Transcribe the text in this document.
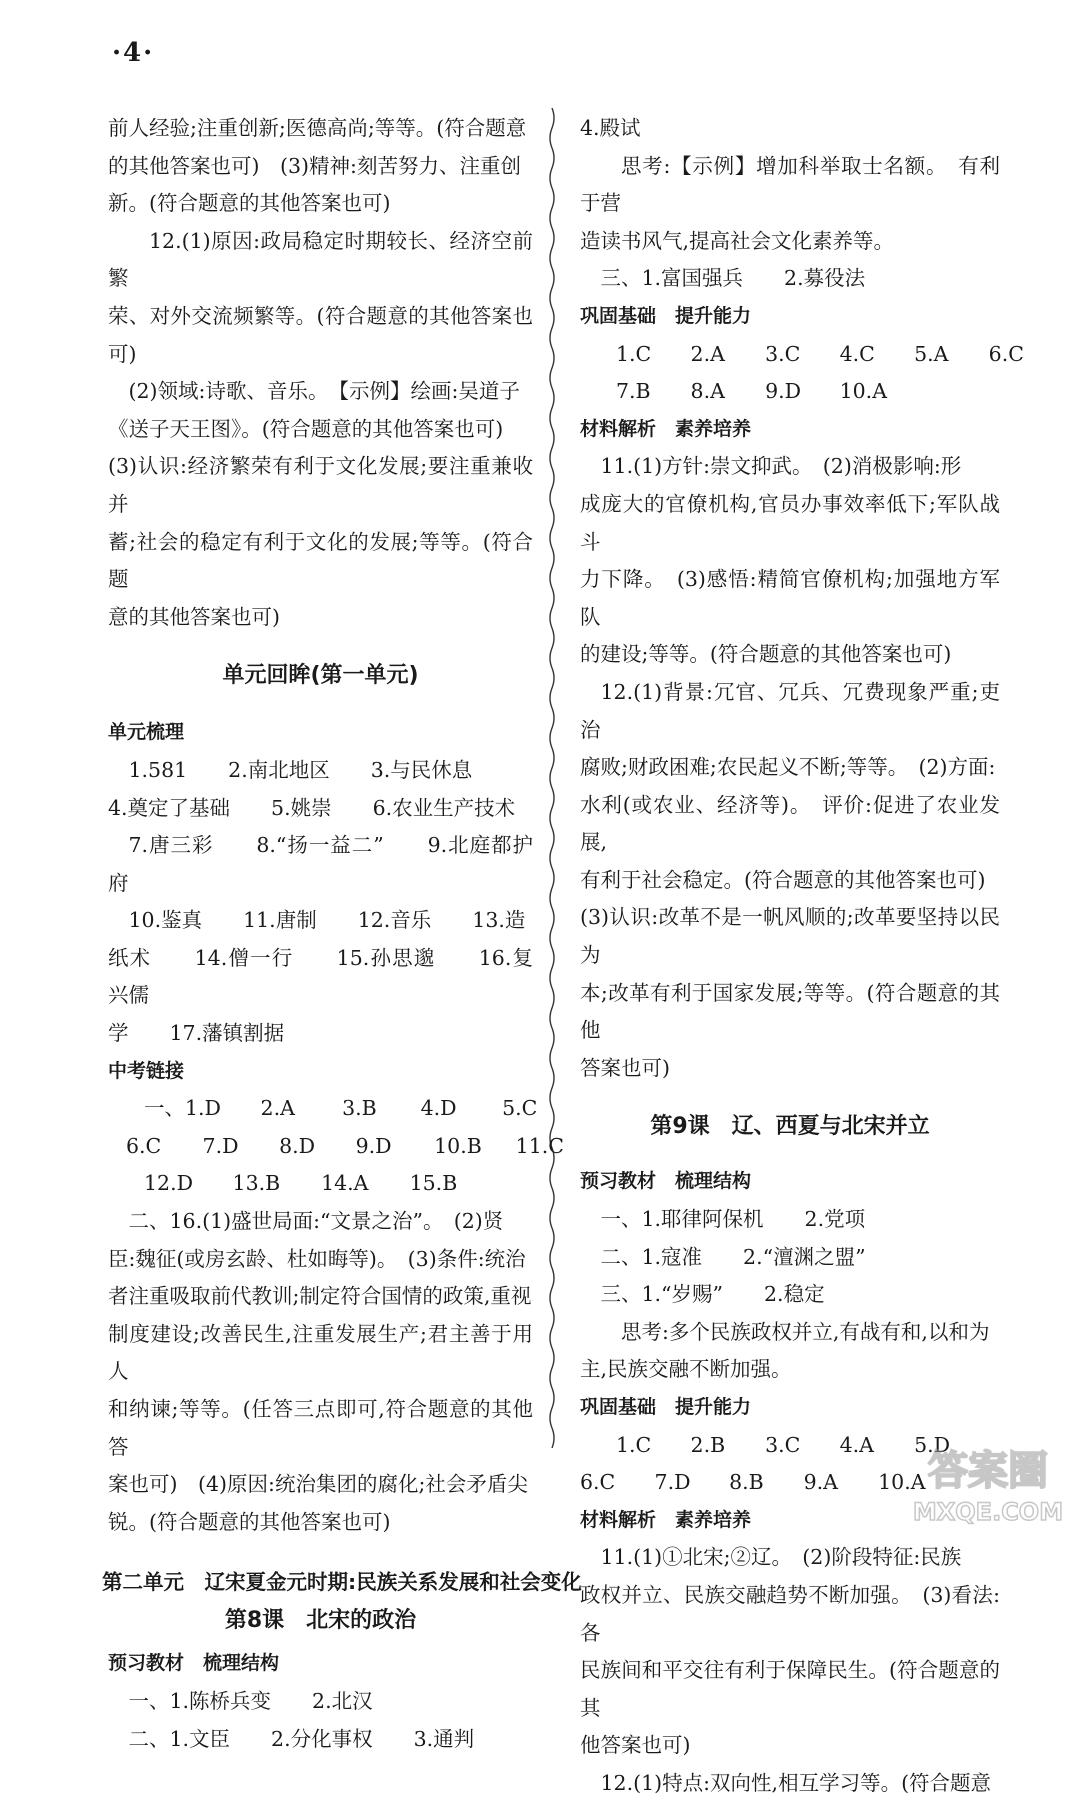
·4·

前人经验;注重创新;医德高尚;等等。(符合题意

的其他答案也可)　(3)精神:刻苦努力、注重创

新。(符合题意的其他答案也可)

12.(1)原因:政局稳定时期较长、经济空前繁

荣、对外交流频繁等。(符合题意的其他答案也可)

(2)领域:诗歌、音乐。　【示例】绘画:吴道子

《送子天王图》。(符合题意的其他答案也可)

(3)认识:经济繁荣有利于文化发展;要注重兼收并

蓄;社会的稳定有利于文化的发展;等等。(符合题

意的其他答案也可)

单元回眸(第一单元)

单元梳理

1.581　　2.南北地区　　3.与民休息

4.奠定了基础　　5.姚崇　　6.农业生产技术

7.唐三彩　　8.“扬一益二”　　9.北庭都护府

10.鉴真　　11.唐制　　12.音乐　　13.造

纸术　　14.僧一行　　15.孙思邈　　16.复兴儒

学　　17.藩镇割据

中考链接

一、1.D 2.A 3.B 4.D 5.C
6.C 7.D 8.D 9.D 10.B 11.C
12.D 13.B 14.A 15.B

二、16.(1)盛世局面:“文景之治”。　(2)贤

臣:魏征(或房玄龄、杜如晦等)。　(3)条件:统治

者注重吸取前代教训;制定符合国情的政策,重视

制度建设;改善民生,注重发展生产;君主善于用人

和纳谏;等等。(任答三点即可,符合题意的其他答

案也可)　(4)原因:统治集团的腐化;社会矛盾尖

锐。(符合题意的其他答案也可)

第二单元　辽宋夏金元时期:民族关系发展和社会变化

第8课　北宋的政治

预习教材　梳理结构

一、1.陈桥兵变　　2.北汉

二、1.文臣　　2.分化事权　　3.通判

4.殿试

思考:【示例】增加科举取士名额。　有利于营

造读书风气,提高社会文化素养等。

三、1.富国强兵　　2.募役法

巩固基础　提升能力

1.C 2.A 3.C 4.C 5.A 6.C
7.B 8.A 9.D 10.A

材料解析　素养培养

11.(1)方针:崇文抑武。　(2)消极影响:形

成庞大的官僚机构,官员办事效率低下;军队战斗

力下降。　(3)感悟:精简官僚机构;加强地方军队

的建设;等等。(符合题意的其他答案也可)

12.(1)背景:冗官、冗兵、冗费现象严重;吏治

腐败;财政困难;农民起义不断;等等。　(2)方面:

水利(或农业、经济等)。　评价:促进了农业发展,

有利于社会稳定。(符合题意的其他答案也可)

(3)认识:改革不是一帆风顺的;改革要坚持以民为

本;改革有利于国家发展;等等。(符合题意的其他

答案也可)

第9课　辽、西夏与北宋并立

预习教材　梳理结构

一、1.耶律阿保机　　2.党项

二、1.寇准　　2.“澶渊之盟”

三、1.“岁赐”　　2.稳定

思考:多个民族政权并立,有战有和,以和为

主,民族交融不断加强。

巩固基础　提升能力

1.C 2.B 3.C 4.A 5.D
6.C 7.D 8.B 9.A 10.A

材料解析　素养培养

11.(1)①北宋;②辽。　(2)阶段特征:民族

政权并立、民族交融趋势不断加强。　(3)看法:各

民族间和平交往有利于保障民生。(符合题意的其

他答案也可)

12.(1)特点:双向性,相互学习等。(符合题意

答案圈
MXQE.COM
